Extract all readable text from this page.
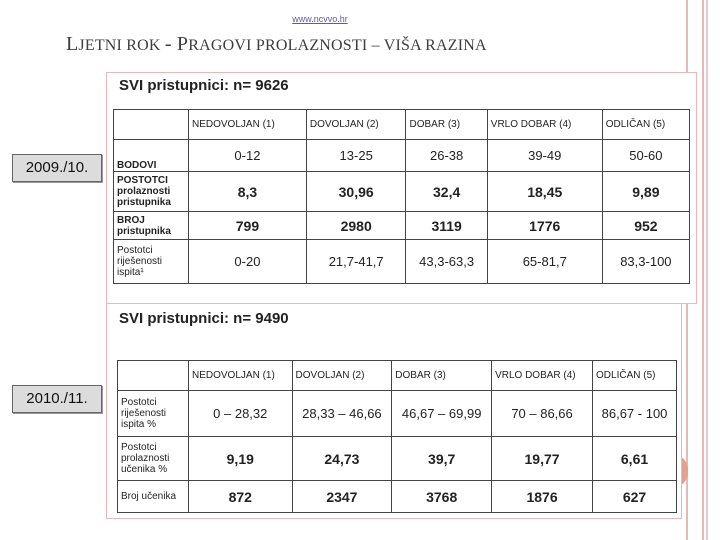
www.ncvvo.hr
LJETNI ROK - PRAGOVI PROLAZNOSTI – VIŠA RAZINA
2009./10.
2010./11.
SVI pristupnici: n= 9626
	NEDOVOLJAN (1)	DOVOLJAN (2)	DOBAR (3)	VRLO DOBAR (4)	ODLIČAN (5)
BODOVI	0-12	13-25	26-38	39-49	50-60
POSTOTCI prolaznosti pristupnika	8,3	30,96	32,4	18,45	9,89
BROJ pristupnika	799	2980	3119	1776	952
Postotci riješenosti ispita¹	0-20	21,7-41,7	43,3-63,3	65-81,7	83,3-100
SVI pristupnici: n= 9490
	NEDOVOLJAN (1)	DOVOLJAN (2)	DOBAR (3)	VRLO DOBAR (4)	ODLIČAN (5)
Postotci riješenosti ispita %	0 – 28,32	28,33 – 46,66	46,67 – 69,99	70 – 86,66	86,67 - 100
Postotci prolaznosti učenika %	9,19	24,73	39,7	19,77	6,61
Broj učenika	872	2347	3768	1876	627
